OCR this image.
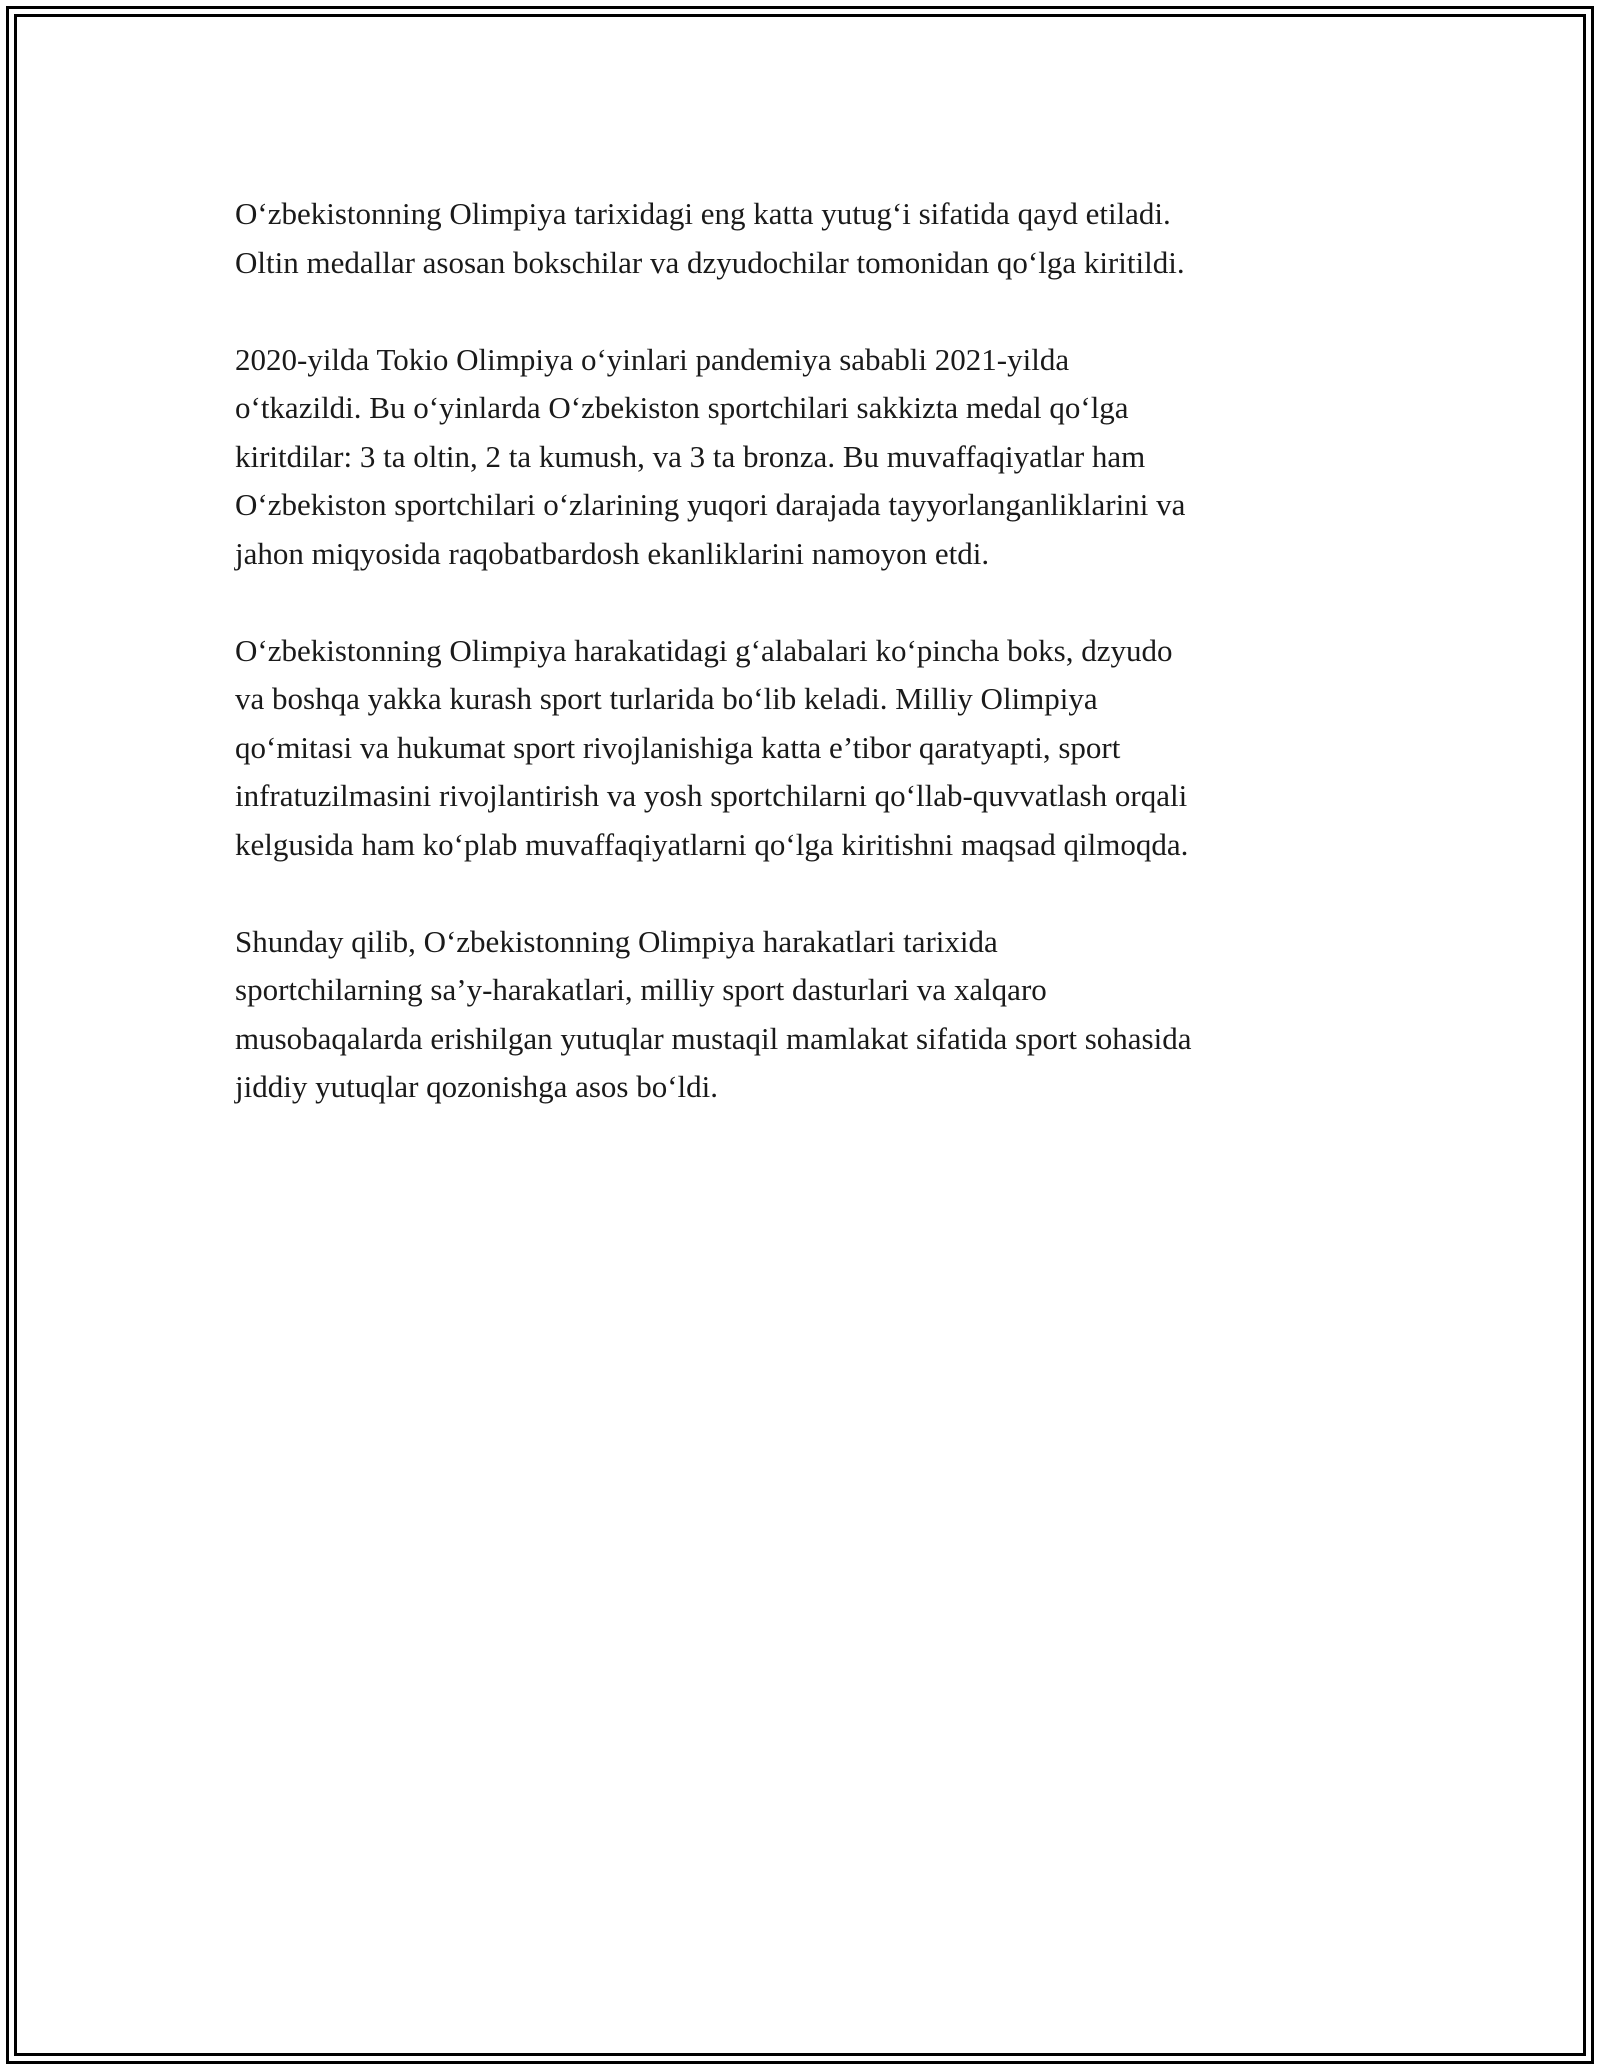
O‘zbekistonning Olimpiya tarixidagi eng katta yutug‘i sifatida qayd etiladi.
Oltin medallar asosan bokschilar va dzyudochilar tomonidan qo‘lga kiritildi.

2020-yilda Tokio Olimpiya o‘yinlari pandemiya sababli 2021-yilda
o‘tkazildi. Bu o‘yinlarda O‘zbekiston sportchilari sakkizta medal qo‘lga
kiritdilar: 3 ta oltin, 2 ta kumush, va 3 ta bronza. Bu muvaffaqiyatlar ham
O‘zbekiston sportchilari o‘zlarining yuqori darajada tayyorlanganliklarini va
jahon miqyosida raqobatbardosh ekanliklarini namoyon etdi.

O‘zbekistonning Olimpiya harakatidagi g‘alabalari ko‘pincha boks, dzyudo
va boshqa yakka kurash sport turlarida bo‘lib keladi. Milliy Olimpiya
qo‘mitasi va hukumat sport rivojlanishiga katta e’tibor qaratyapti, sport
infratuzilmasini rivojlantirish va yosh sportchilarni qo‘llab-quvvatlash orqali
kelgusida ham ko‘plab muvaffaqiyatlarni qo‘lga kiritishni maqsad qilmoqda.

Shunday qilib, O‘zbekistonning Olimpiya harakatlari tarixida
sportchilarning sa’y-harakatlari, milliy sport dasturlari va xalqaro
musobaqalarda erishilgan yutuqlar mustaqil mamlakat sifatida sport sohasida
jiddiy yutuqlar qozonishga asos bo‘ldi.
